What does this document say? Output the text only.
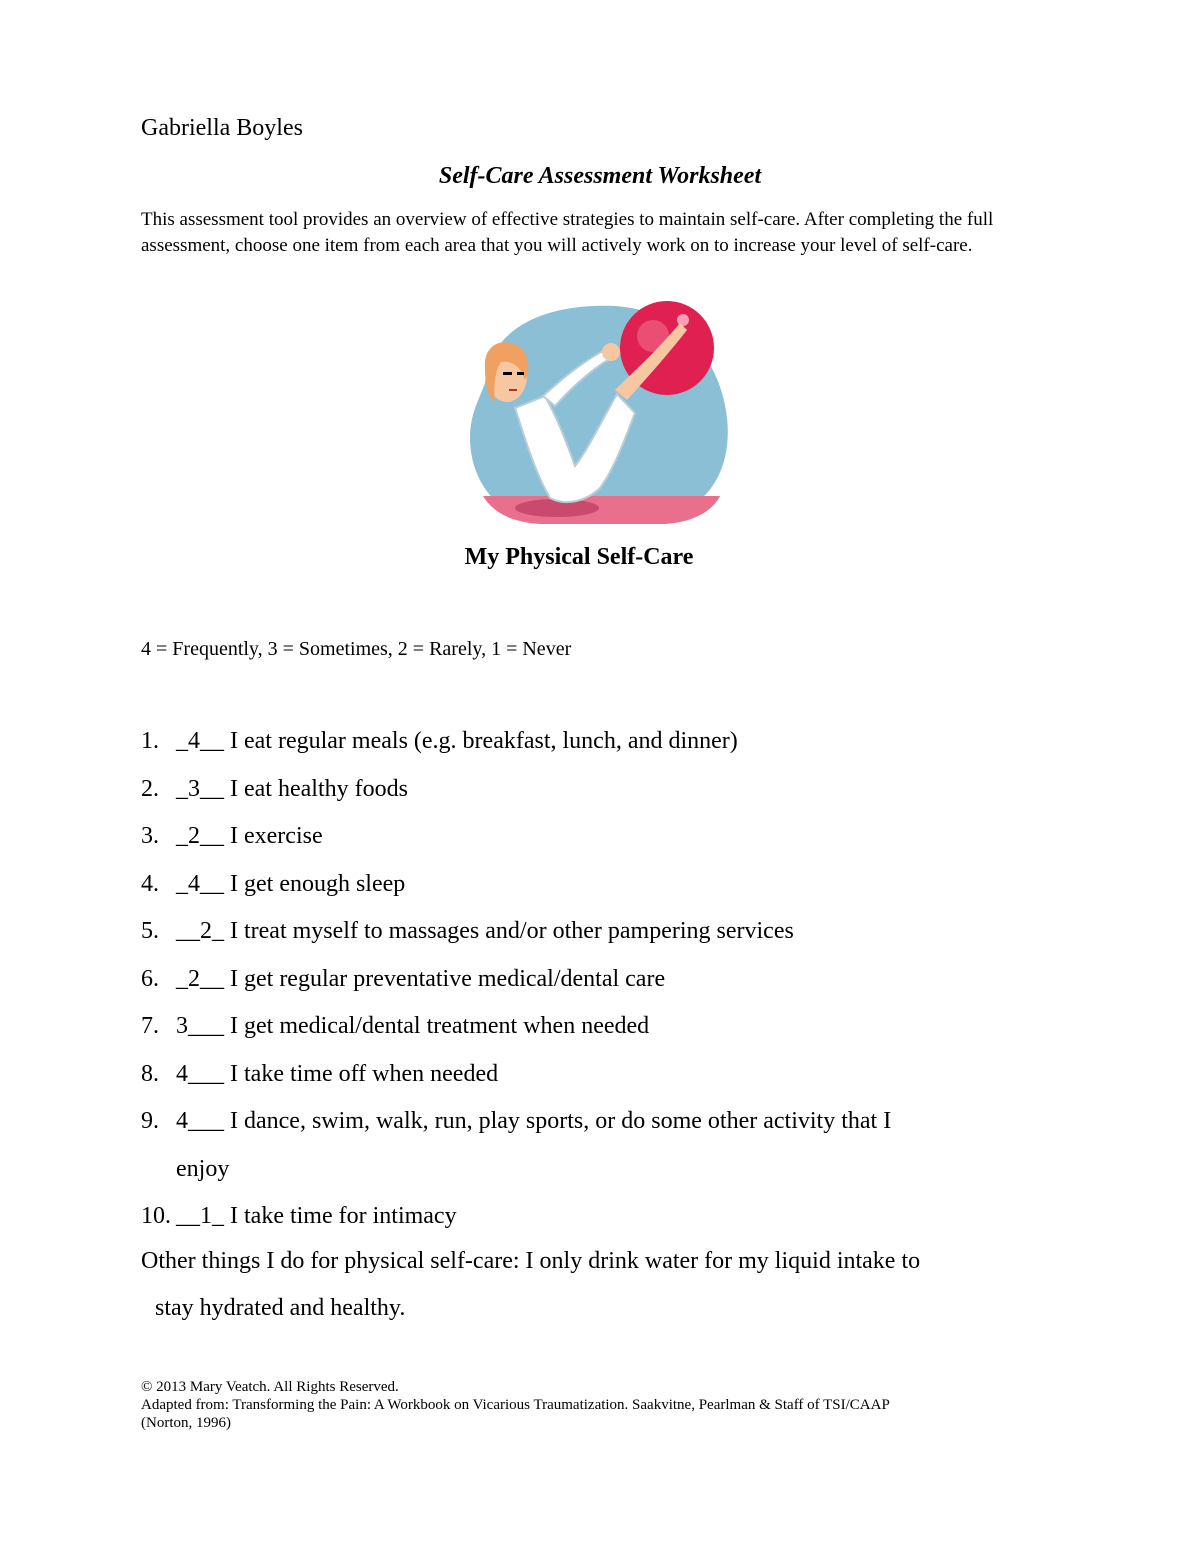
Gabriella Boyles
Self-Care Assessment Worksheet
This assessment tool provides an overview of effective strategies to maintain self-care. After completing the full assessment, choose one item from each area that you will actively work on to increase your level of self-care.
My Physical Self-Care
4 = Frequently, 3 = Sometimes, 2 = Rarely, 1 = Never
1. _4__ I eat regular meals (e.g. breakfast, lunch, and dinner)
2. _3__ I eat healthy foods
3. _2__ I exercise
4. _4__ I get enough sleep
5. __2_ I treat myself to massages and/or other pampering services
6. _2__ I get regular preventative medical/dental care
7. 3___ I get medical/dental treatment when needed
8. 4___ I take time off when needed
9. 4___ I dance, swim, walk, run, play sports, or do some other activity that I
enjoy
10. __1_ I take time for intimacy
Other things I do for physical self-care: I only drink water for my liquid intake to
stay hydrated and healthy.
© 2013 Mary Veatch. All Rights Reserved.
Adapted from: Transforming the Pain: A Workbook on Vicarious Traumatization. Saakvitne, Pearlman & Staff of TSI/CAAP
(Norton, 1996)
